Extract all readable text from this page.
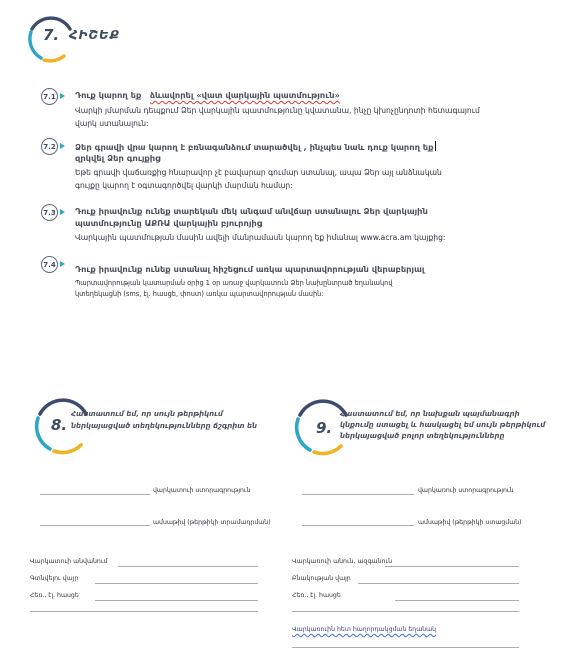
7. ՀԻՇԵՔ
7.1 Դուք կարող եք ձևավորել «վատ վարկային պատմություն»
Վարկի յմարման դեպքում Ձեր վարկային պատմությունը կվատանա, ինչը կխոչընդոտի հետագայում վարկ ստանալուն:
7.2 Ձեր գրավի վրա կարող է բռնագանձում տարածվել , ինչպես նաև դուք կարող եք
զրկվել Ձեր գույքից
Եթե գրավի վաճառքից հնարավոր չէ բավարար գումար ստանալ, ապա Ձեր այլ անձնական
գույքը կարող է օգտագործվել վարկի մարման համար:
7.3 Դուք իրավունք ունեք տարեկան մեկ անգամ անվճար ստանալու Ձեր վարկային
պատմությունը ԱՔՌԱ վարկային բյուրոյից
Վարկային պատմության մասին ավելի մանրամասն կարող եք իմանալ www.acra.am կայքից:
7.4 Դուք իրավունք ունեք ստանալ հիշեցում առկա պարտավորության վերաբերյալ
Պարտավորության կատարման օրից 1 օր առաջ վարկատուն Ձեր նախընտրած եղանակով
կտեղեկացնի (sms, էլ. հասցե, փոստ) առկա պարտավորության մասին:
8.
Հաստատում եմ, որ սույն թերթիկում
ներկայացված տեղեկությունները ճշգրիտ են
վարկատուի ստորագրություն
ամսաթիվ (թերթիկի տրամադրման)
Վարկատուի անվանում
Գտնվելու վայր
Հեռ., էլ. հասցե
9.
Հաստատում եմ, որ նախքան պայմանագրի
կնքումը ստացել և հասկացել եմ սույն թերթիկում
ներկայացված բոլոր տեղեկությունները
վարկառուի ստորագրություն
ամսաթիվ (թերթիկի ստացման)
Վարկառուի անուն, ազգանուն
Բնակության վայր
Հեռ., էլ. հասցե
Վարկառուին հետ հաղորդակցման եղանակ
